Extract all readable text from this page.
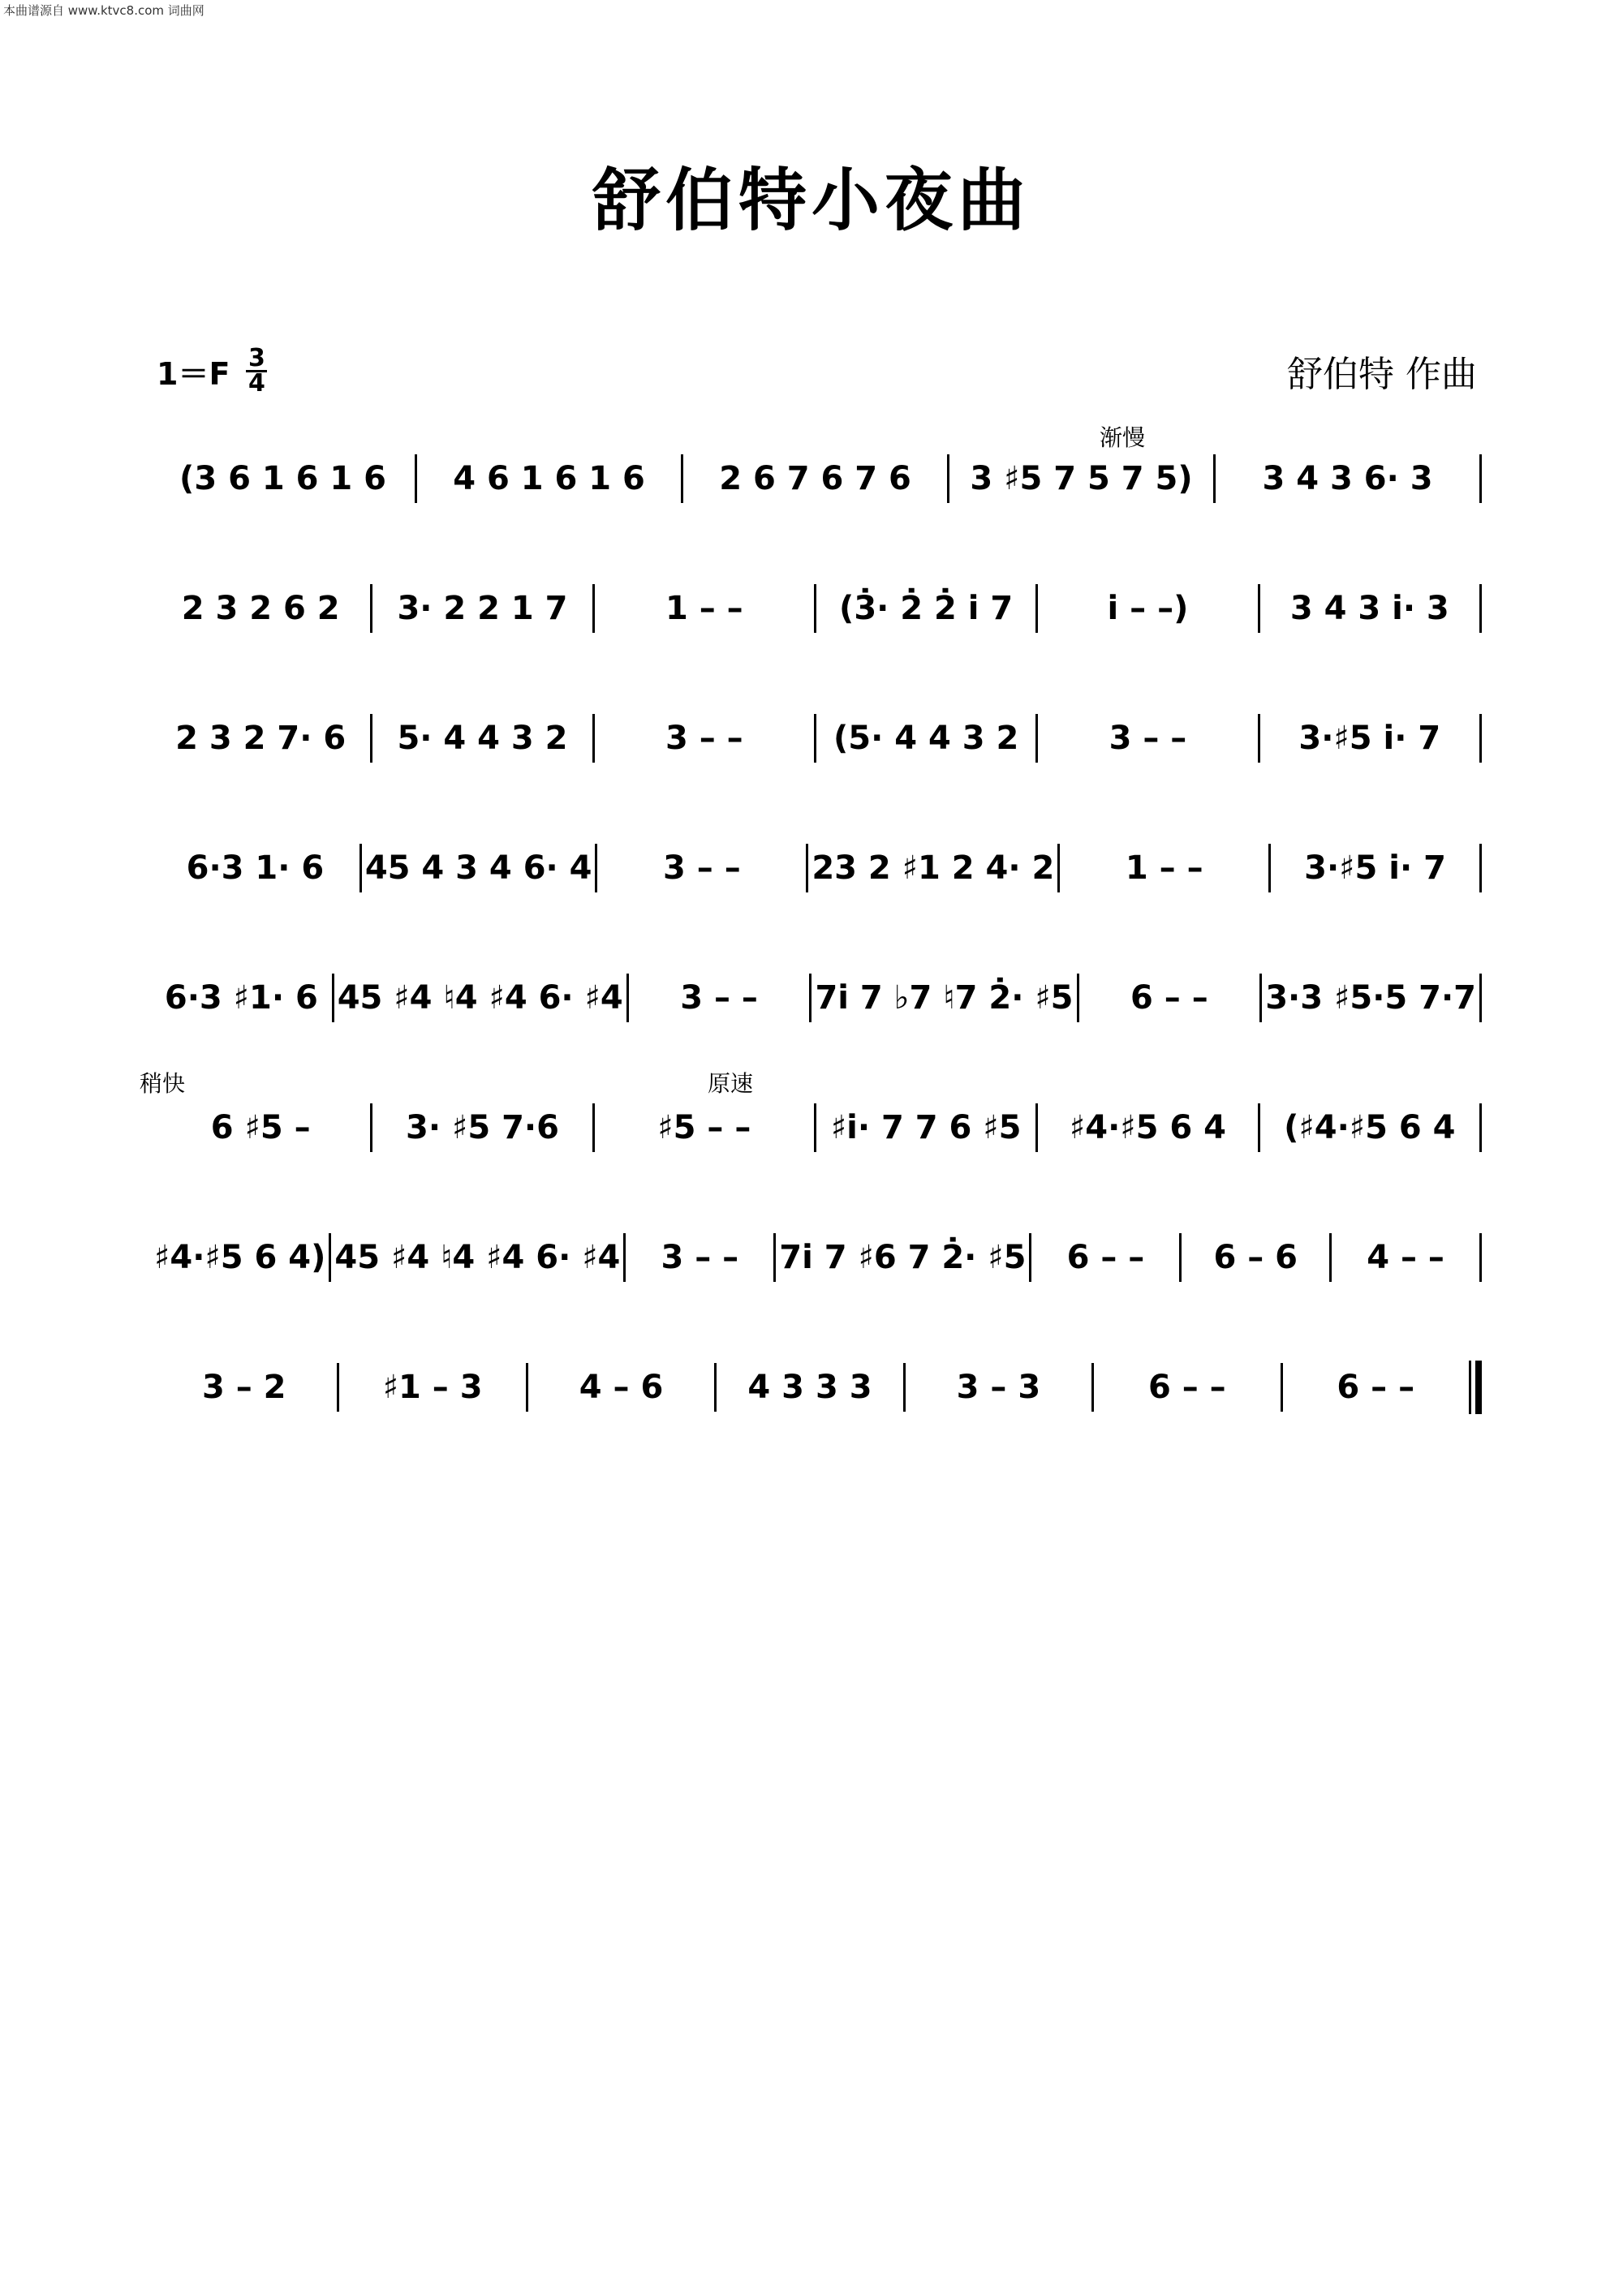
本曲谱源自 www.ktvc8.com 词曲网
舒伯特小夜曲
1＝F 3
4	舒伯特 作曲
渐慢
稍快	原速
(3 6 1 6 1 6	4 6 1 6 1 6	2 6 7 6 7 6	3 ♯5 7 5 7 5)	3 4 3 6· 3
2 3 2 6 2	3· 2 2 1 7	1 – –	(3̇· 2̇ 2̇ i̇ 7	i̇ – –)	3 4 3 i̇· 3
2 3 2 7· 6	5· 4 4 3 2	3 – –	(5· 4 4 3 2	3 – –	3·♯5 i̇· 7
6·3 1· 6	45 4 3 4 6· 4	3 – –	23 2 ♯1 2 4· 2	1 – –	3·♯5 i̇· 7
6·3 ♯1· 6 45 ♯4 ♮4 ♯4 6· ♯4	3 – –	7i̇ 7 ♭7 ♮7 2̇· ♯5	6 – –	3·3 ♯5·5 7·7
6 ♯5 –	3· ♯5 7·6	♯5 – –	♯i̇· 7 7 6 ♯5	♯4·♯5 6 4	(♯4·♯5 6 4
♯4·♯5 6 4) 45 ♯4 ♮4 ♯4 6· ♯4	3 – –	7i̇ 7 ♯6 7 2̇· ♯5	6 – –	6 – 6	4 – –
3 – 2	♯1 – 3	4 – 6	4 3 3 3	3 – 3	6 – –	6 – –
